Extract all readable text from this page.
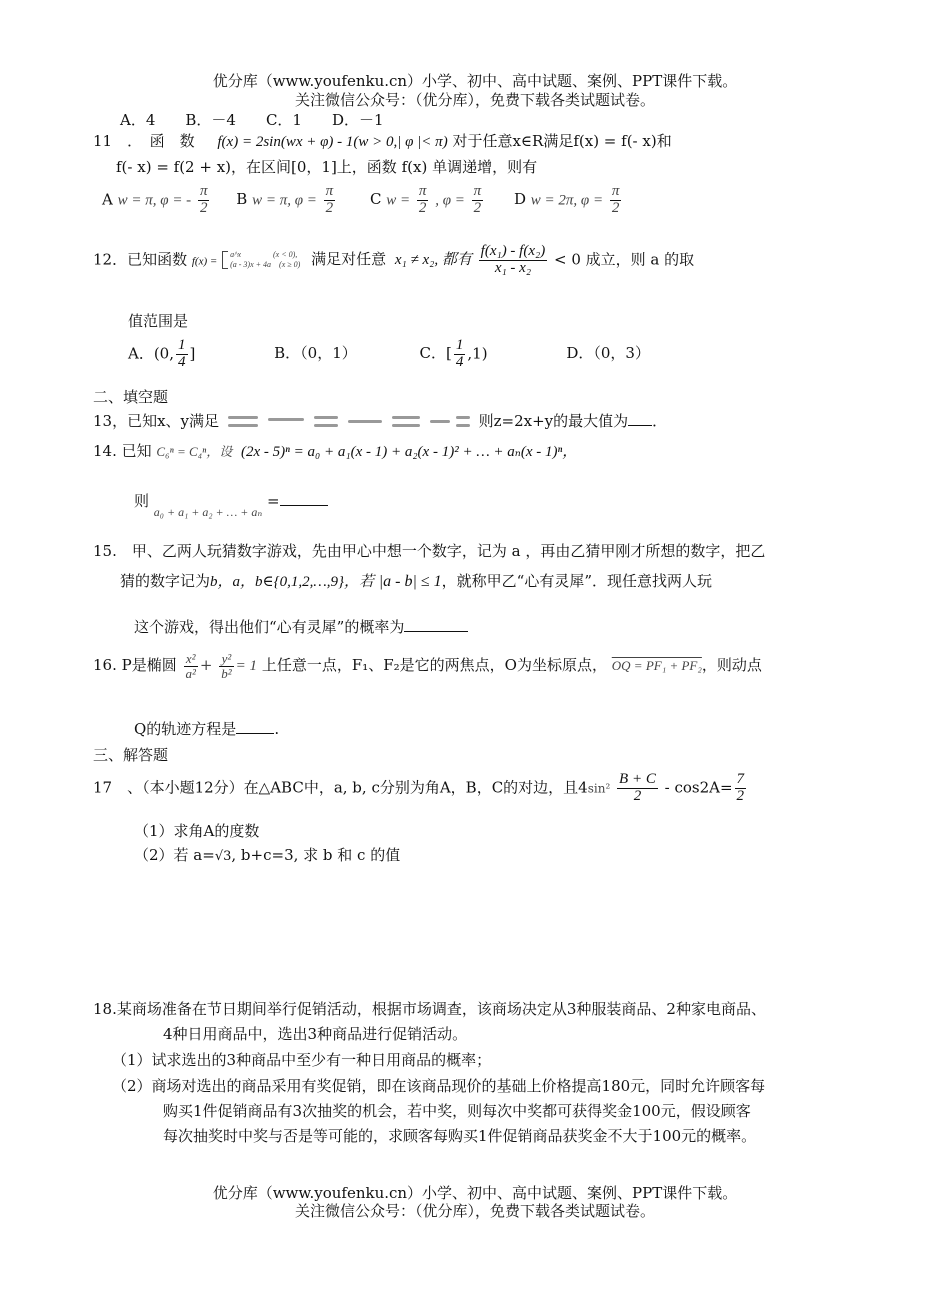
优分库（www.youfenku.cn）小学、初中、高中试题、案例、PPT课件下载。
关注微信公众号：（优分库），免费下载各类试题试卷。
A．4　　B．－4　　C．1　　D．－1
11　．　函　数 f(x) = 2sin(wx + φ) - 1(w > 0,| φ |< π) 对于任意x∈R满足f(x) = f(- x)和
f(- x) = f(2 + x)，在区间[0，1]上，函数 f(x) 单调递增，则有
A w = π, φ = - $\frac{\pi}{2}$ B w = π, $\varphi = \frac{\pi}{2}$ C $w = \frac{\pi}{2}$ , $\varphi = \frac{\pi}{2}$ D w = 2π, $\varphi = \frac{\pi}{2}$
12．已知函数 f(x) =
a^x　　　　(x < 0),
(a - 3)x + 4a　(x ≥ 0) 满足对任意 x₁ ≠ x₂, 都有 $\frac{\text{f(x₁) - f(x₂)}}{\text{x₁ - x₂}} < 0$ 成立，则 a 的取
值范围是
A．(0, $\frac{1}{4}$ ]	B．（0，1）	C．[ $\frac{1}{4} ,1$)	D．（0，3）
二、填空题
13，已知x、y满足	则z=2x+y的最大值为 ．
14. 已知 C₆ⁿ = C₄ⁿ，设 (2x - 5)ⁿ = a₀ + a₁(x - 1) + a₂(x - 1)² + … + aₙ(x - 1)ⁿ，
则 $_{a_0 + a_1 + a_2 + \dots + a_n}$ =
15.　甲、乙两人玩猜数字游戏，先由甲心中想一个数字，记为 a ，再由乙猜甲刚才所想的数字，把乙
猜的数字记为b，a，b∈{0,1,2,…,9}，若 |a - b| ≤ 1，就称甲乙“心有灵犀”．现任意找两人玩
这个游戏，得出他们“心有灵犀”的概率为
16. P是椭圆 $\frac{\text{x²}}{\text{a²}} + \frac{\text{y²}}{\text{b²}} = 1$ 上任意一点，F₁、F₂是它的两焦点，O为坐标原点， OQ = PF₁ + PF₂，则动点
Q的轨迹方程是	.
三、解答题
17　、（本小题12分）在△ABC中，a, b, c分别为角A，B，C的对边，且$4\sin^2 \frac{B + C}{2} - \cos 2A= \frac{7}{2}$
（1）求角A的度数
（2）若 a=√3, b+c=3, 求 b 和 c 的值
18.某商场准备在节日期间举行促销活动，根据市场调查，该商场决定从3种服装商品、2种家电商品、
4种日用商品中，选出3种商品进行促销活动。
（1）试求选出的3种商品中至少有一种日用商品的概率；
（2）商场对选出的商品采用有奖促销，即在该商品现价的基础上价格提高180元，同时允许顾客每
购买1件促销商品有3次抽奖的机会，若中奖，则每次中奖都可获得奖金100元，假设顾客
每次抽奖时中奖与否是等可能的，求顾客每购买1件促销商品获奖金不大于100元的概率。
优分库（www.youfenku.cn）小学、初中、高中试题、案例、PPT课件下载。
关注微信公众号：（优分库），免费下载各类试题试卷。
